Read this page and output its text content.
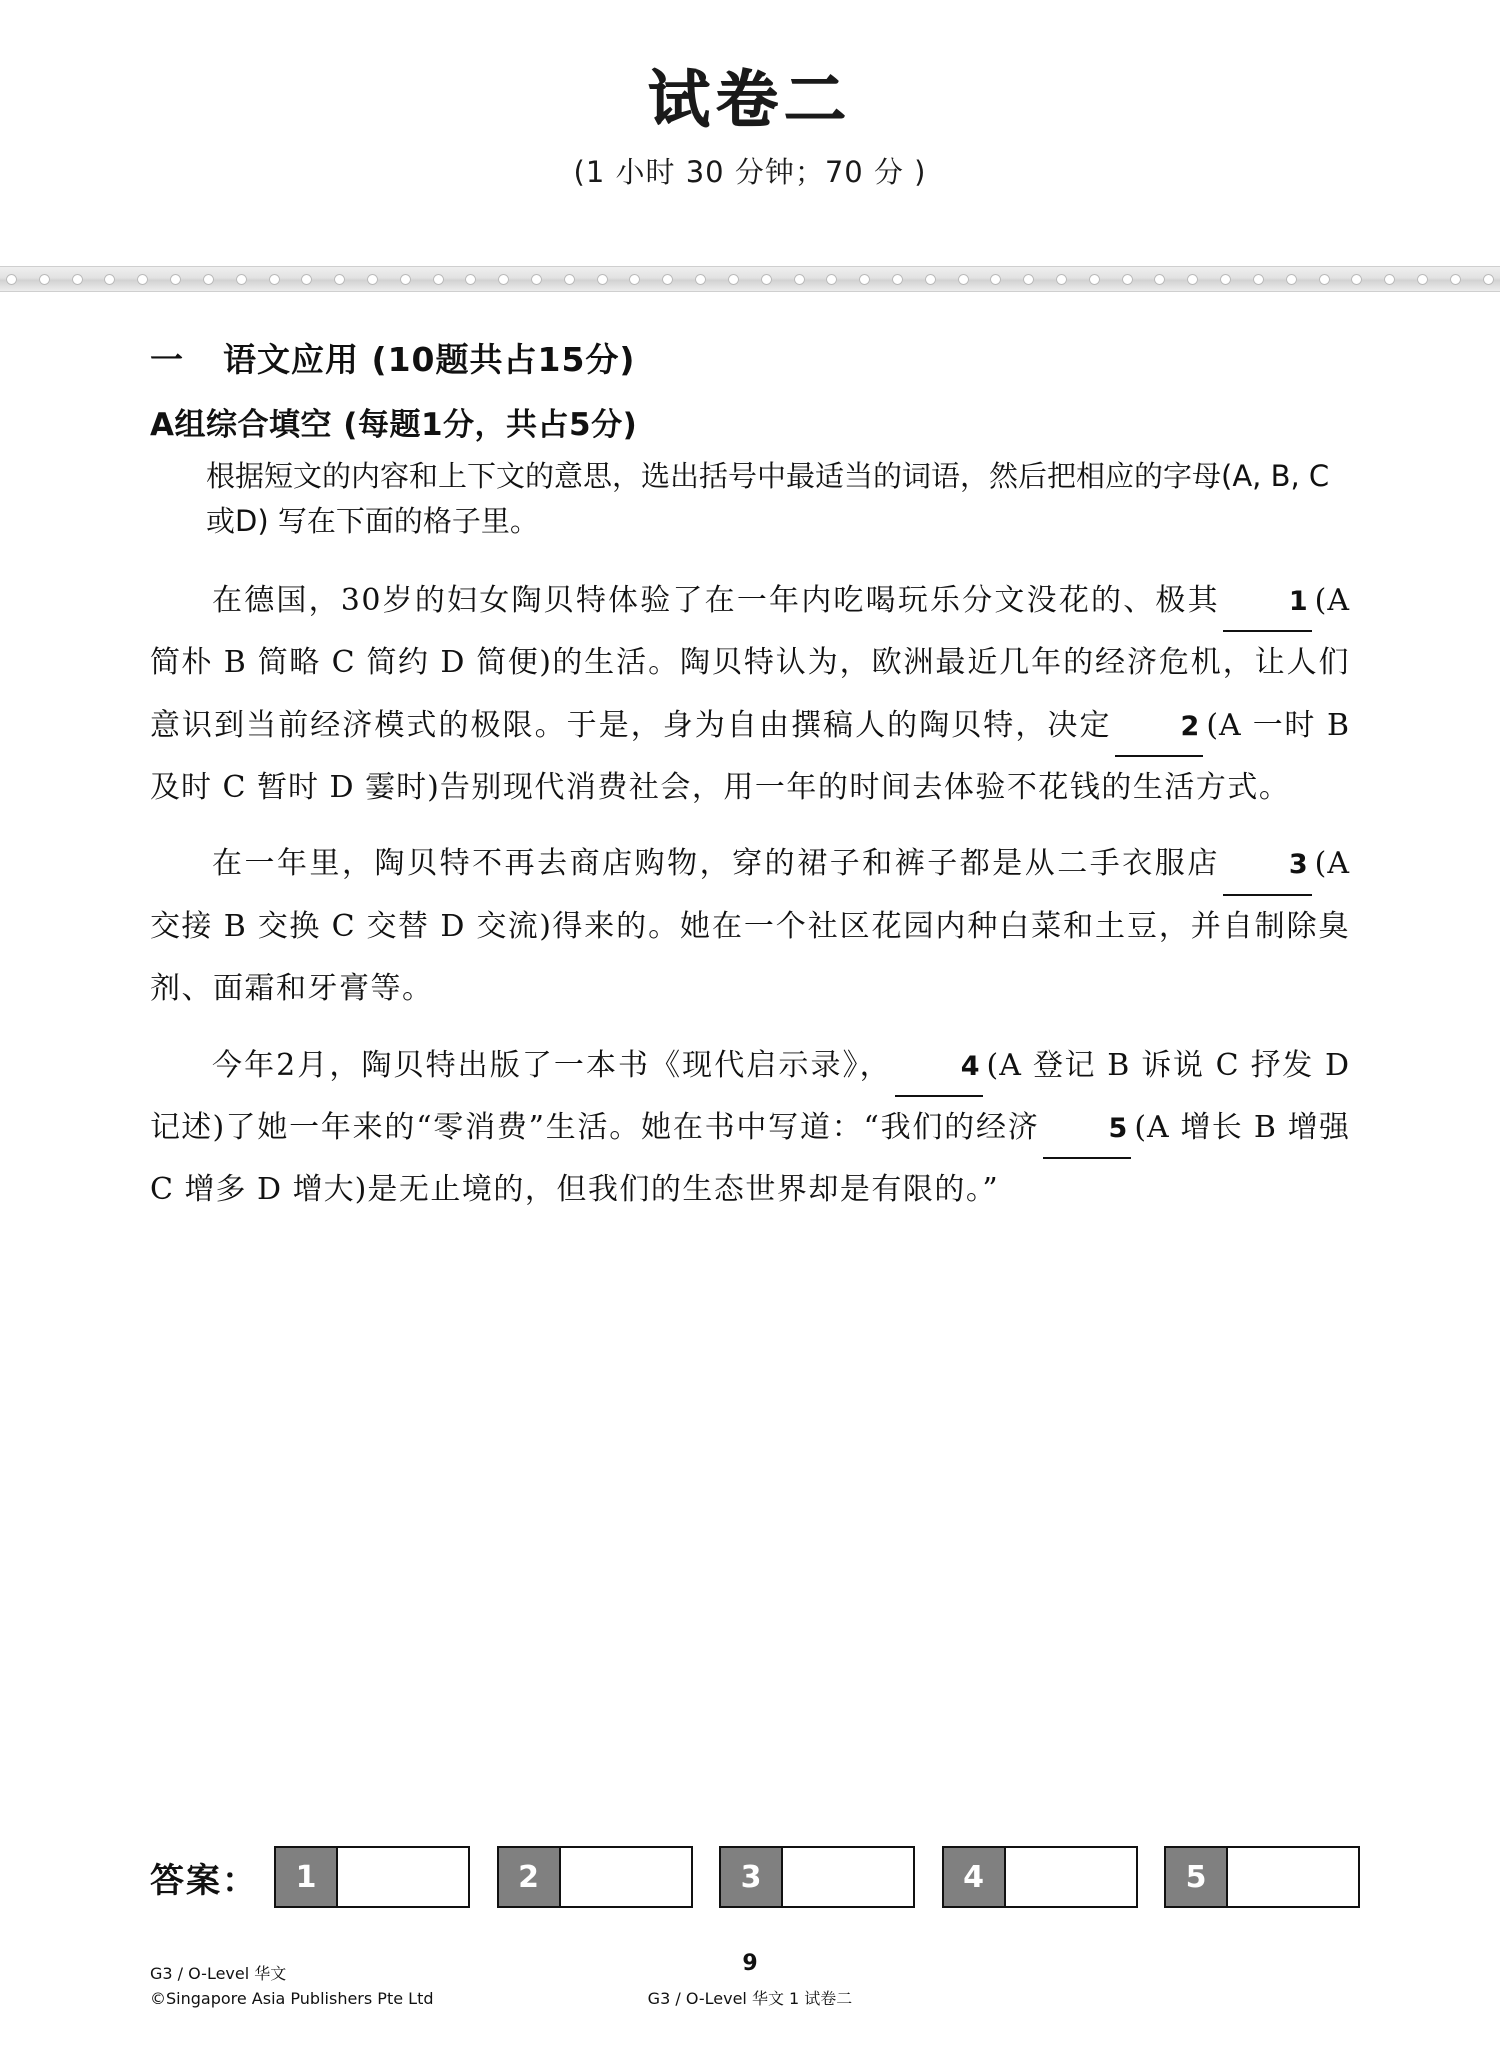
试卷二
(1 小时 30 分钟；70 分 )
一 语文应用 (10题共占15分)
A组综合填空 (每题1分，共占5分)
根据短文的内容和上下文的意思，选出括号中最适当的词语，然后把相应的字母(A, B, C或D) 写在下面的格子里。

在德国，30岁的妇女陶贝特体验了在一年内吃喝玩乐分文没花的、极其	1 (A 简朴 B 简略 C 简约 D 简便)的生活。陶贝特认为，欧洲最近几年的经济危机，让人们意识到当前经济模式的极限。于是，身为自由撰稿人的陶贝特，决定	2 (A 一时 B 及时 C 暂时 D 霎时)告别现代消费社会，用一年的时间去体验不花钱的生活方式。

在一年里，陶贝特不再去商店购物，穿的裙子和裤子都是从二手衣服店	3 (A 交接 B 交换 C 交替 D 交流)得来的。她在一个社区花园内种白菜和土豆，并自制除臭剂、面霜和牙膏等。

今年2月，陶贝特出版了一本书《现代启示录》，	4 (A 登记 B 诉说 C 抒发 D 记述)了她一年来的“零消费”生活。她在书中写道：“我们的经济	5 (A 增长 B 增强 C 增多 D 增大)是无止境的，但我们的生态世界却是有限的。”

答案：	1	2	3	4	5
G3 / O-Level 华文
©Singapore Asia Publishers Pte Ltd
9
G3 / O-Level 华文 1 试卷二
